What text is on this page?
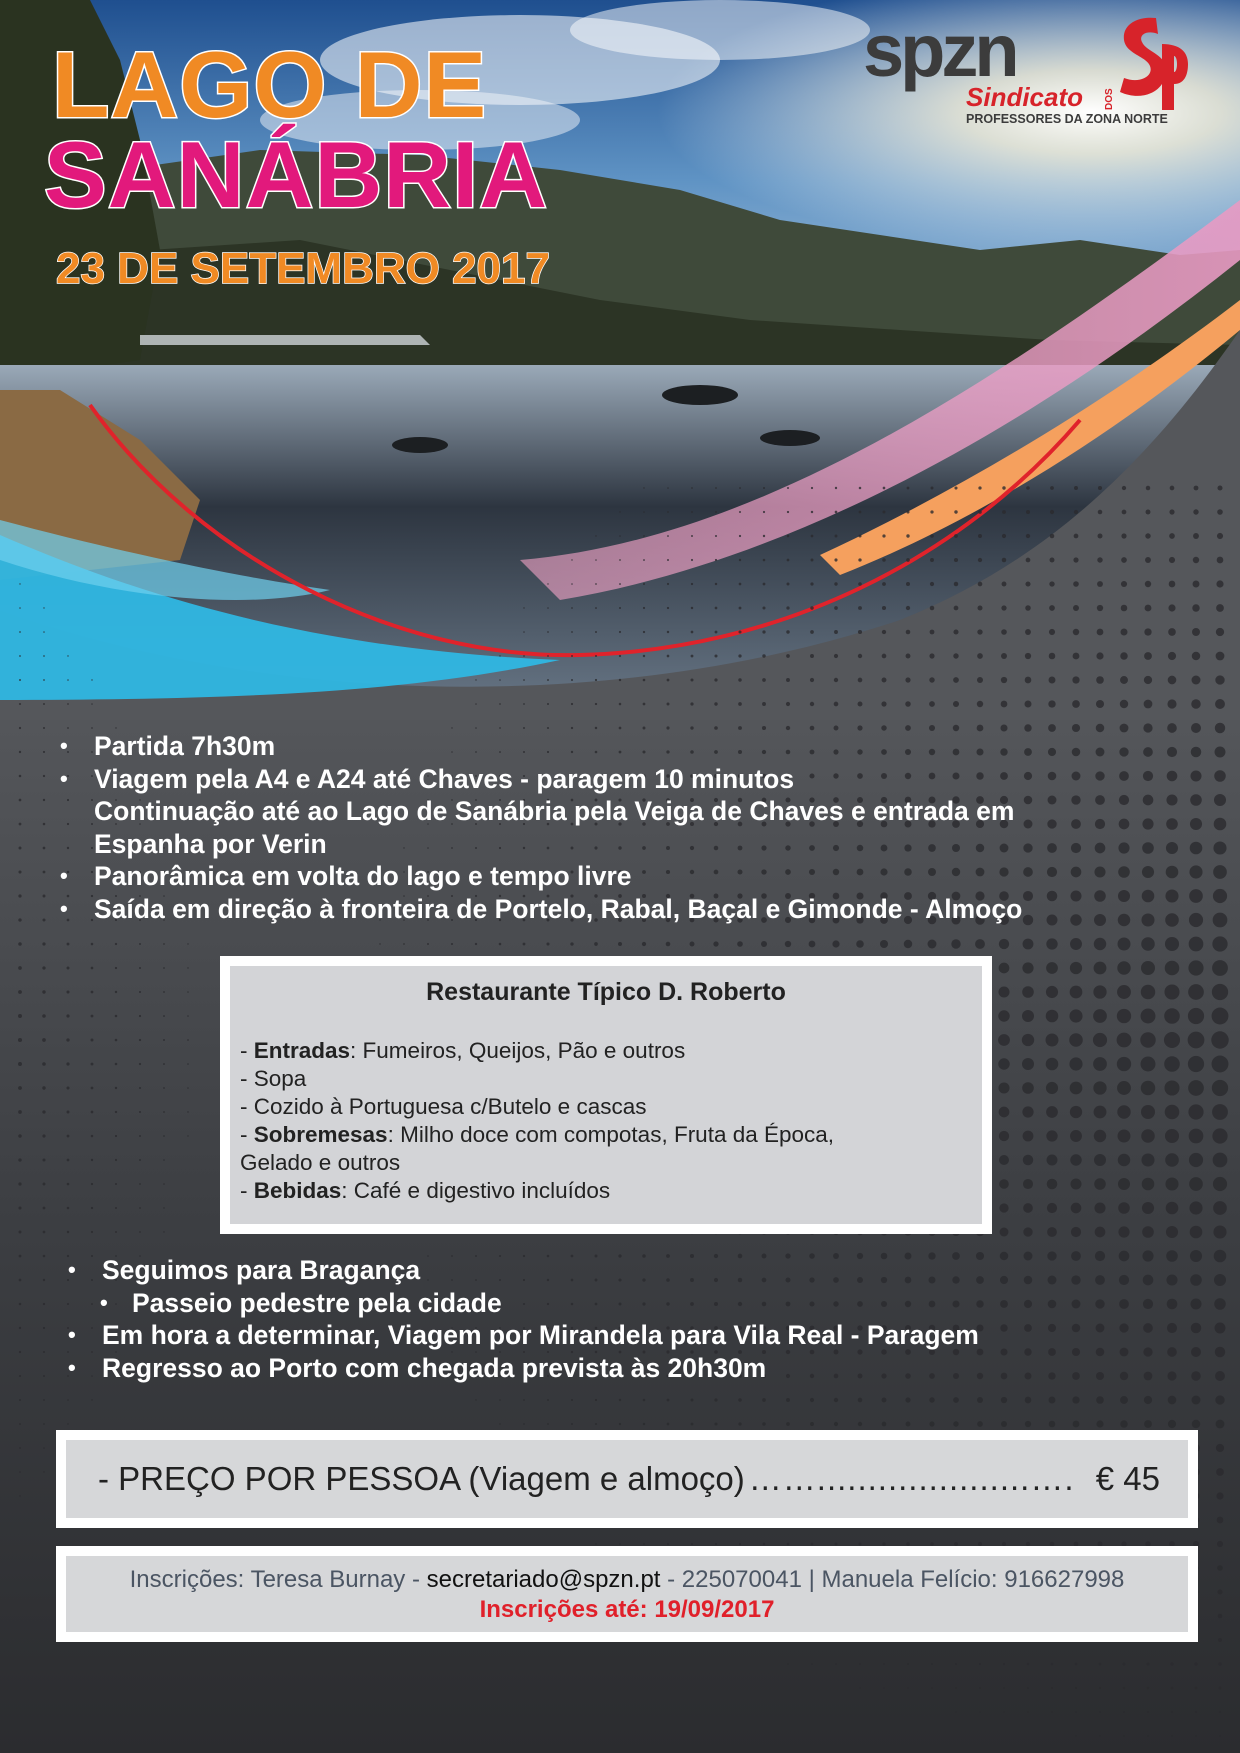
LAGO DE
SANÁBRIA
23 DE SETEMBRO 2017
spzn
Sindicato DOS
PROFESSORES DA ZONA NORTE
• Partida 7h30m
• Viagem pela A4 e A24 até Chaves - paragem 10 minutos
Continuação até ao Lago de Sanábria pela Veiga de Chaves e entrada em
Espanha por Verin
• Panorâmica em volta do lago e tempo livre
• Saída em direção à fronteira de Portelo, Rabal, Baçal e Gimonde - Almoço
Restaurante Típico D. Roberto
- Entradas: Fumeiros, Queijos, Pão e outros
- Sopa
- Cozido à Portuguesa c/Butelo e cascas
- Sobremesas: Milho doce com compotas, Fruta da Época,
Gelado e outros
- Bebidas: Café e digestivo incluídos
• Seguimos para Bragança
• Passeio pedestre pela cidade
• Em hora a determinar, Viagem por Mirandela para Vila Real - Paragem
• Regresso ao Porto com chegada prevista às 20h30m
- PREÇO POR PESSOA (Viagem e almoço) …….....................…. € 45
Inscrições: Teresa Burnay - secretariado@spzn.pt - 225070041 | Manuela Felício: 916627998
Inscrições até: 19/09/2017
